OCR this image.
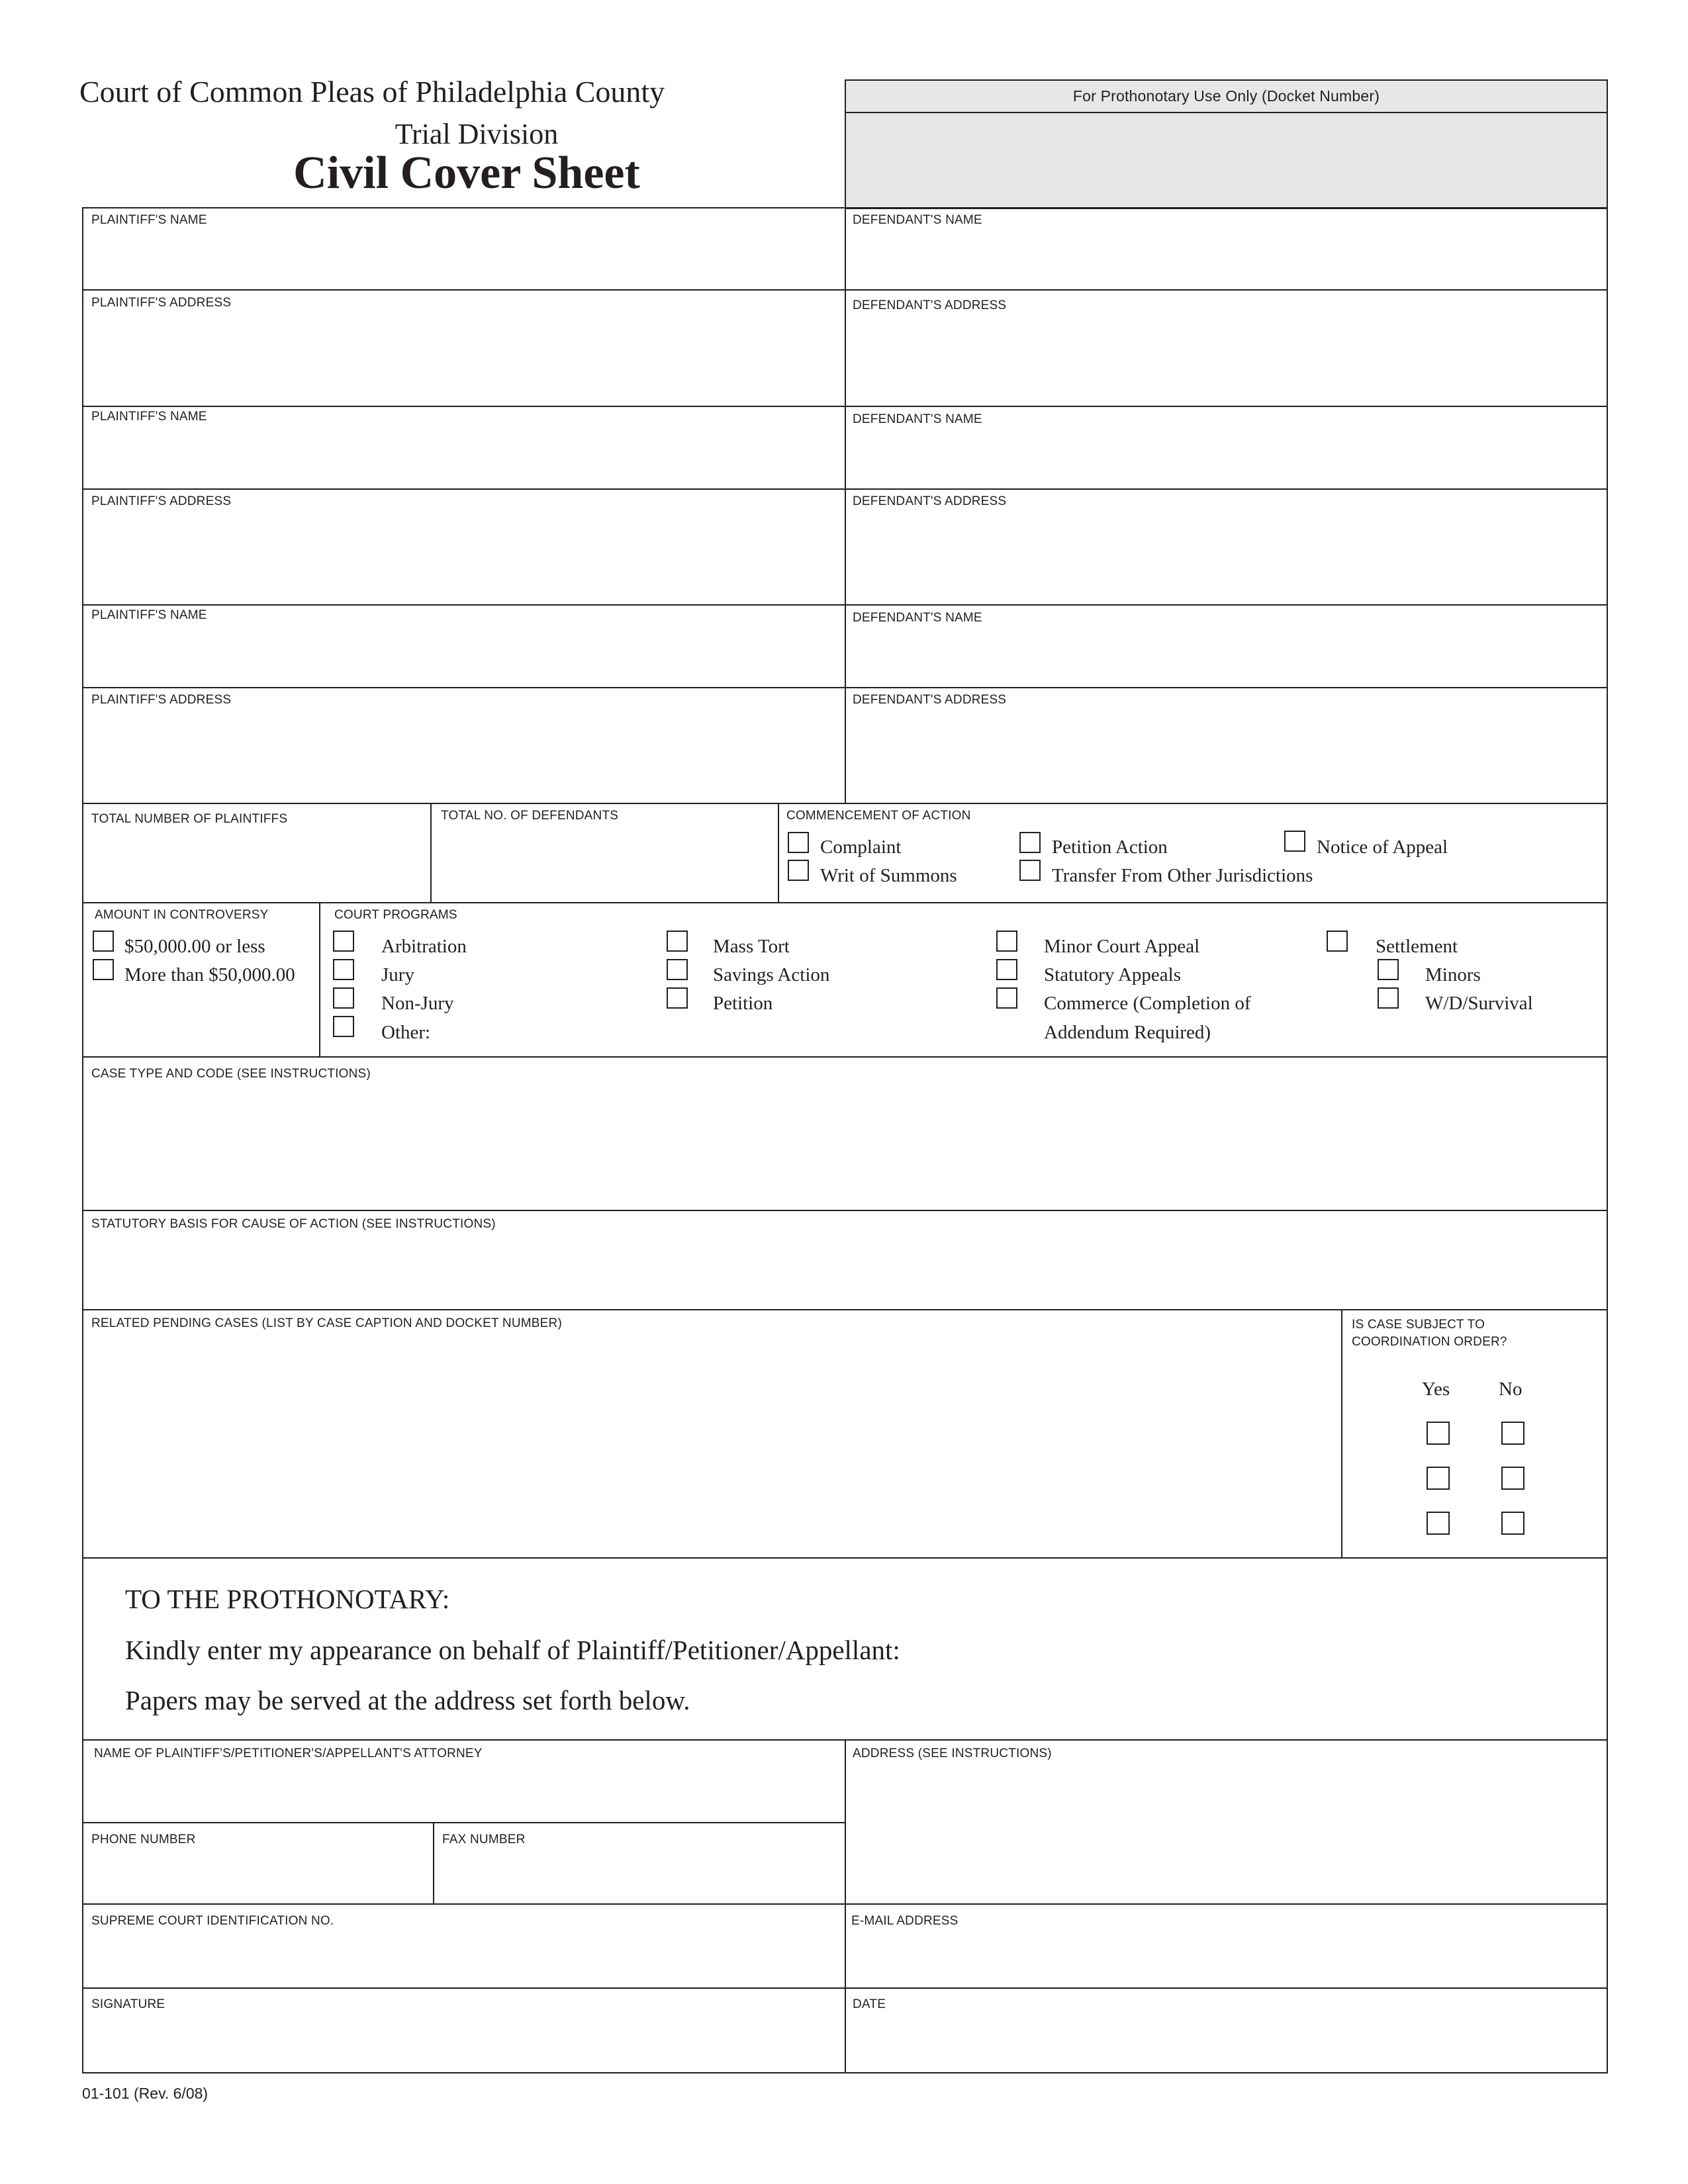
Court of Common Pleas of Philadelphia County
Trial Division
Civil Cover Sheet
For Prothonotary Use Only (Docket Number)
PLAINTIFF'S NAME	DEFENDANT'S NAME
PLAINTIFF'S ADDRESS	DEFENDANT'S ADDRESS
PLAINTIFF'S NAME	DEFENDANT'S NAME
PLAINTIFF'S ADDRESS	DEFENDANT'S ADDRESS
PLAINTIFF'S NAME	DEFENDANT'S NAME
PLAINTIFF'S ADDRESS	DEFENDANT'S ADDRESS
TOTAL NUMBER OF PLAINTIFFS	TOTAL NO. OF DEFENDANTS	COMMENCEMENT OF ACTION
Complaint
Writ of Summons
Petition Action
Transfer From Other Jurisdictions
Notice of Appeal
AMOUNT IN CONTROVERSY
$50,000.00 or less
More than $50,000.00
COURT PROGRAMS
Arbitration
Jury
Non-Jury
Other:
Mass Tort
Savings Action
Petition
Minor Court Appeal
Statutory Appeals
Commerce (Completion of
Addendum Required)
Settlement
Minors
W/D/Survival
CASE TYPE AND CODE (SEE INSTRUCTIONS)
STATUTORY BASIS FOR CAUSE OF ACTION (SEE INSTRUCTIONS)
RELATED PENDING CASES (LIST BY CASE CAPTION AND DOCKET NUMBER)	IS CASE SUBJECT TO
COORDINATION ORDER?
Yes	No
TO THE PROTHONOTARY:
Kindly enter my appearance on behalf of Plaintiff/Petitioner/Appellant:
Papers may be served at the address set forth below.
NAME OF PLAINTIFF'S/PETITIONER'S/APPELLANT'S ATTORNEY	ADDRESS (SEE INSTRUCTIONS)
PHONE NUMBER	FAX NUMBER
SUPREME COURT IDENTIFICATION NO.	E-MAIL ADDRESS
SIGNATURE	DATE
01-101 (Rev. 6/08)
